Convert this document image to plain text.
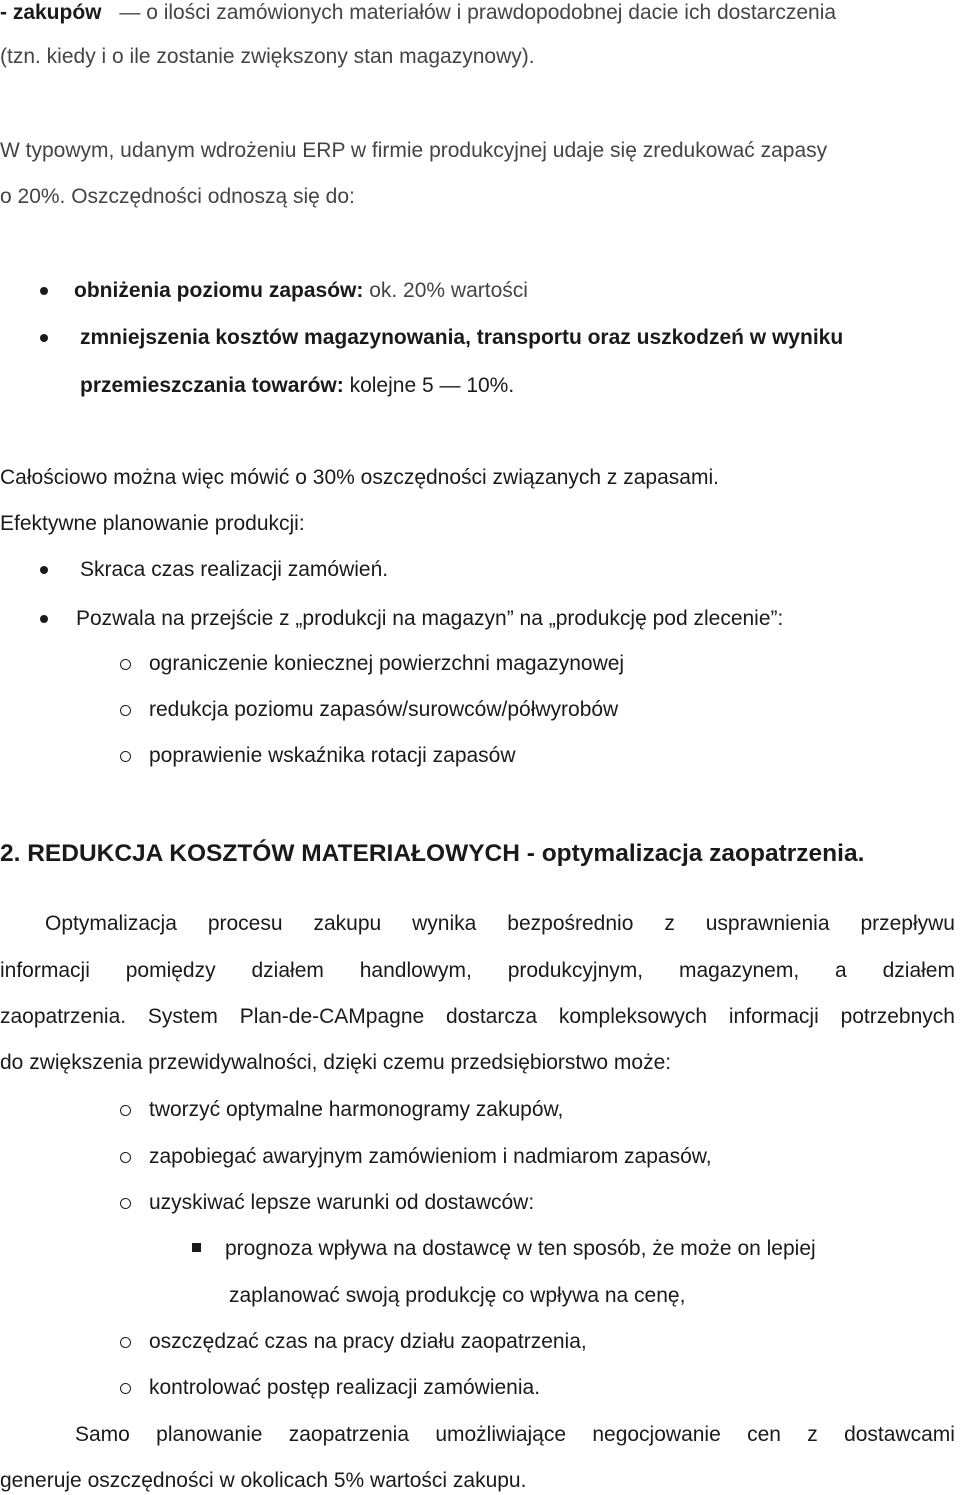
- zakupów — o ilości zamówionych materiałów i prawdopodobnej dacie ich dostarczenia
(tzn. kiedy i o ile zostanie zwiększony stan magazynowy).
W typowym, udanym wdrożeniu ERP w firmie produkcyjnej udaje się zredukować zapasy
o 20%. Oszczędności odnoszą się do:
obniżenia poziomu zapasów: ok. 20% wartości
zmniejszenia kosztów magazynowania, transportu oraz uszkodzeń w wyniku
przemieszczania towarów: kolejne 5 — 10%.
Całościowo można więc mówić o 30% oszczędności związanych z zapasami.
Efektywne planowanie produkcji:
Skraca czas realizacji zamówień.
Pozwala na przejście z „produkcji na magazyn” na „produkcję pod zlecenie”:
ograniczenie koniecznej powierzchni magazynowej
redukcja poziomu zapasów/surowców/półwyrobów
poprawienie wskaźnika rotacji zapasów
2. REDUKCJA KOSZTÓW MATERIAŁOWYCH - optymalizacja zaopatrzenia.
Optymalizacja procesu zakupu wynika bezpośrednio z usprawnienia przepływu
informacji pomiędzy działem handlowym, produkcyjnym, magazynem, a działem
zaopatrzenia. System Plan-de-CAMpagne dostarcza kompleksowych informacji potrzebnych
do zwiększenia przewidywalności, dzięki czemu przedsiębiorstwo może:
tworzyć optymalne harmonogramy zakupów,
zapobiegać awaryjnym zamówieniom i nadmiarom zapasów,
uzyskiwać lepsze warunki od dostawców:
prognoza wpływa na dostawcę w ten sposób, że może on lepiej
zaplanować swoją produkcję co wpływa na cenę,
oszczędzać czas na pracy działu zaopatrzenia,
kontrolować postęp realizacji zamówienia.
Samo planowanie zaopatrzenia umożliwiające negocjowanie cen z dostawcami
generuje oszczędności w okolicach 5% wartości zakupu.
